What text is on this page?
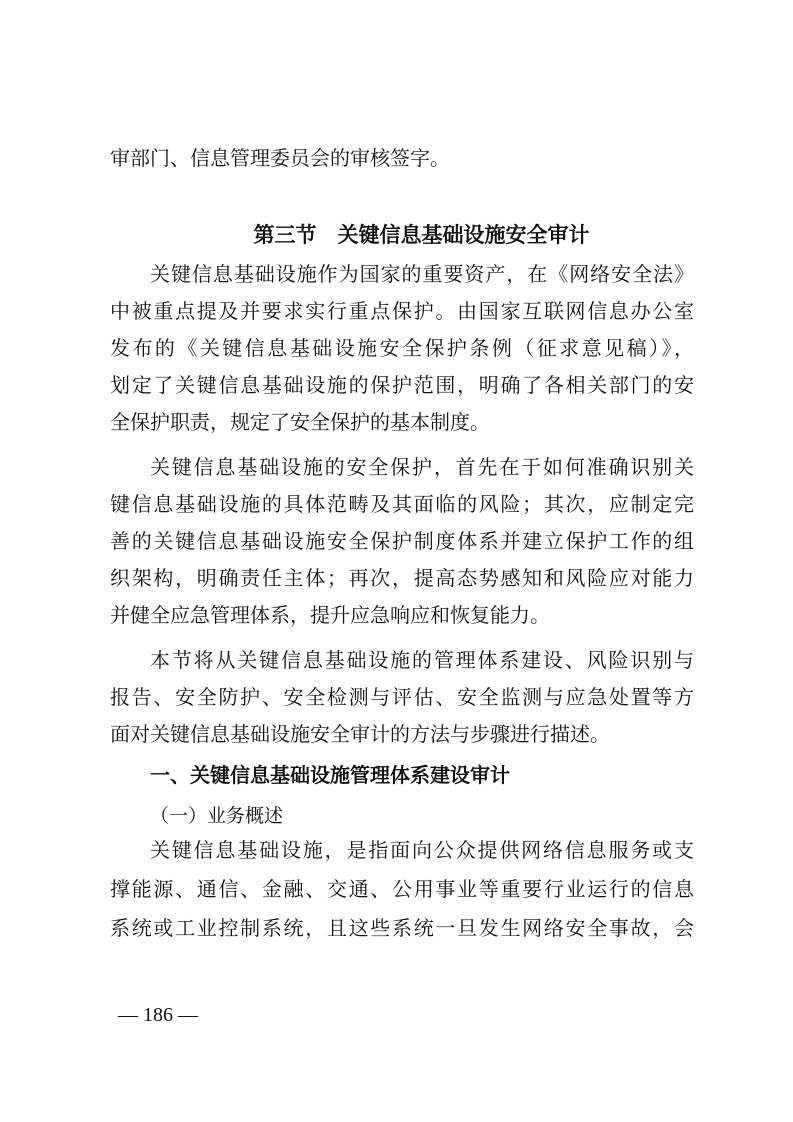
审部门、信息管理委员会的审核签字。
第三节　关键信息基础设施安全审计
关键信息基础设施作为国家的重要资产，在《网络安全法》
中被重点提及并要求实行重点保护。由国家互联网信息办公室
发布的《关键信息基础设施安全保护条例（征求意见稿）》，
划定了关键信息基础设施的保护范围，明确了各相关部门的安
全保护职责，规定了安全保护的基本制度。
关键信息基础设施的安全保护，首先在于如何准确识别关
键信息基础设施的具体范畴及其面临的风险；其次，应制定完
善的关键信息基础设施安全保护制度体系并建立保护工作的组
织架构，明确责任主体；再次，提高态势感知和风险应对能力
并健全应急管理体系，提升应急响应和恢复能力。
本节将从关键信息基础设施的管理体系建设、风险识别与
报告、安全防护、安全检测与评估、安全监测与应急处置等方
面对关键信息基础设施安全审计的方法与步骤进行描述。
一、关键信息基础设施管理体系建设审计
（一）业务概述
关键信息基础设施，是指面向公众提供网络信息服务或支
撑能源、通信、金融、交通、公用事业等重要行业运行的信息
系统或工业控制系统，且这些系统一旦发生网络安全事故，会
— 186 —
